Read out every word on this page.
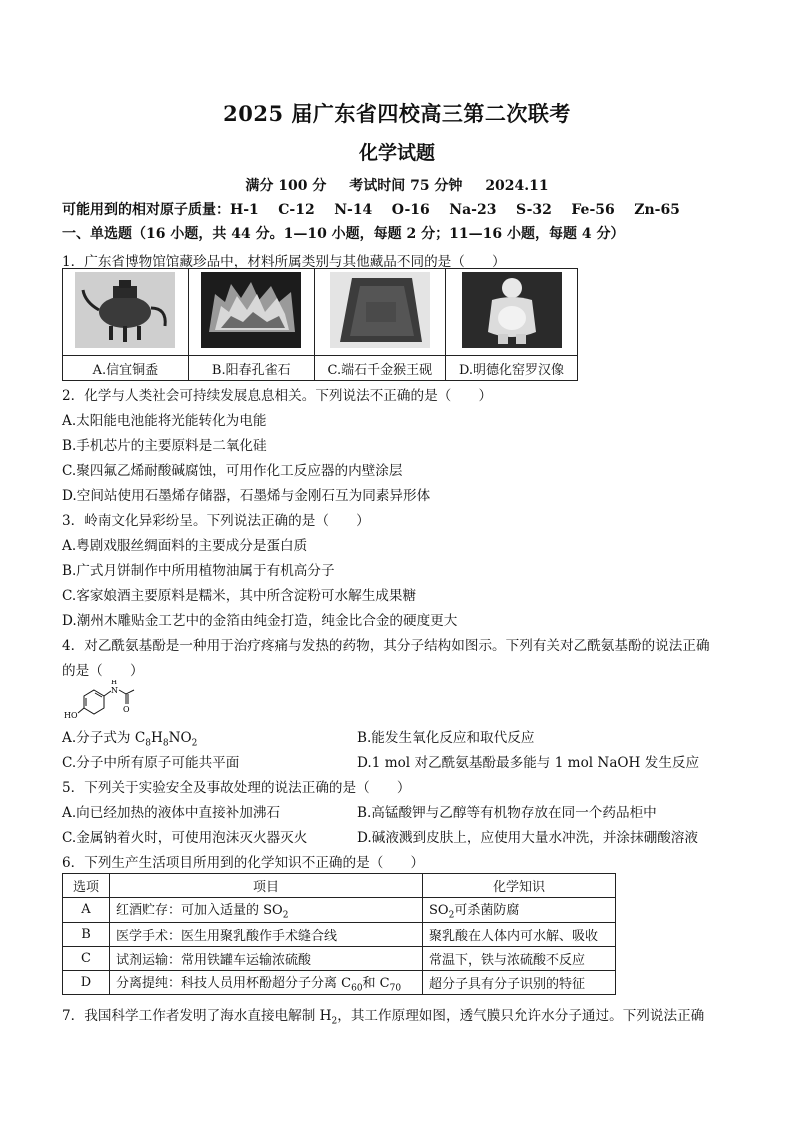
2025 届广东省四校高三第二次联考
化学试题
满分 100 分 考试时间 75 分钟 2024.11
可能用到的相对原子质量：H-1    C-12    N-14    O-16    Na-23    S-32    Fe-56    Zn-65
一、单选题（16 小题，共 44 分。1—10 小题，每题 2 分；11—16 小题，每题 4 分）
1．广东省博物馆馆藏珍品中，材料所属类别与其他藏品不同的是（　　）

A.信宜铜盉	B.阳春孔雀石	C.端石千金猴王砚	D.明德化窑罗汉像
2．化学与人类社会可持续发展息息相关。下列说法不正确的是（　　）
A.太阳能电池能将光能转化为电能
B.手机芯片的主要原料是二氧化硅
C.聚四氟乙烯耐酸碱腐蚀，可用作化工反应器的内壁涂层
D.空间站使用石墨烯存储器，石墨烯与金刚石互为同素异形体
3．岭南文化异彩纷呈。下列说法正确的是（　　）
A.粤剧戏服丝绸面料的主要成分是蛋白质
B.广式月饼制作中所用植物油属于有机高分子
C.客家娘酒主要原料是糯米，其中所含淀粉可水解生成果糖
D.潮州木雕贴金工艺中的金箔由纯金打造，纯金比合金的硬度更大
4．对乙酰氨基酚是一种用于治疗疼痛与发热的药物，其分子结构如图示。下列有关对乙酰氨基酚的说法正确
的是（　　）
HO
N
H
O
A.分子式为 $C_8H_8NO_2$	B.能发生氧化反应和取代反应
C.分子中所有原子可能共平面	D.1 mol 对乙酰氨基酚最多能与 1 mol NaOH 发生反应
5．下列关于实验安全及事故处理的说法正确的是（　　）
A.向已经加热的液体中直接补加沸石	B.高锰酸钾与乙醇等有机物存放在同一个药品柜中
C.金属钠着火时，可使用泡沫灭火器灭火	D.碱液溅到皮肤上，应使用大量水冲洗，并涂抹硼酸溶液
6．下列生产生活项目所用到的化学知识不正确的是（　　）
选项	项目	化学知识
A	红酒贮存：可加入适量的 $SO_2$	$SO_2$可杀菌防腐
B	医学手术：医生用聚乳酸作手术缝合线	聚乳酸在人体内可水解、吸收
C	试剂运输：常用铁罐车运输浓硫酸	常温下，铁与浓硫酸不反应
D	分离提纯：科技人员用杯酚超分子分离 $C_{60}$和 $C_{70}$	超分子具有分子识别的特征
7．我国科学工作者发明了海水直接电解制 $H_2$，其工作原理如图，透气膜只允许水分子通过。下列说法正确
